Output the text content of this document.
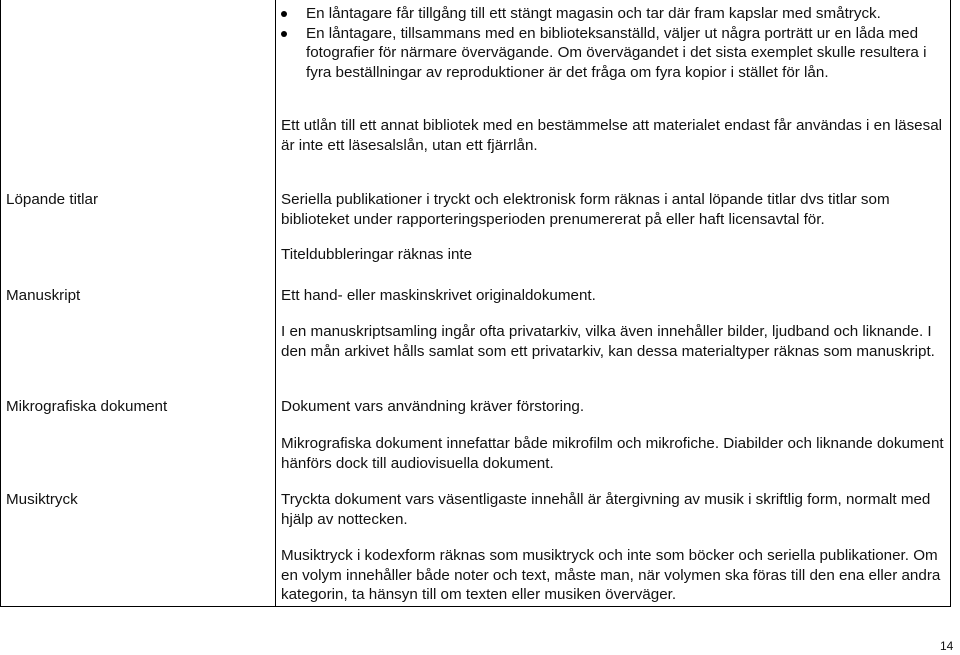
En låntagare får tillgång till ett stängt magasin och tar där fram kapslar med småtryck.
En låntagare, tillsammans med en biblioteksanställd, väljer ut några porträtt ur en låda med fotografier för närmare övervägande. Om övervägandet i det sista exemplet skulle resultera i fyra beställningar av reproduktioner är det fråga om fyra kopior i stället för lån.
Ett utlån till ett annat bibliotek med en bestämmelse att materialet endast får användas i en läsesal är inte ett läsesalslån, utan ett fjärrlån.
Löpande titlar	Seriella publikationer i tryckt och elektronisk form räknas i antal löpande titlar dvs titlar som biblioteket under rapporteringsperioden prenumererat på eller haft licensavtal för.
Titeldubbleringar räknas inte
Manuskript	Ett hand- eller maskinskrivet originaldokument.
I en manuskriptsamling ingår ofta privatarkiv, vilka även innehåller bilder, ljudband och liknande. I den mån arkivet hålls samlat som ett privatarkiv, kan dessa materialtyper räknas som manuskript.
Mikrografiska dokument	Dokument vars användning kräver förstoring.
Mikrografiska dokument innefattar både mikrofilm och mikrofiche. Diabilder och liknande dokument hänförs dock till audiovisuella dokument.
Musiktryck	Tryckta dokument vars väsentligaste innehåll är återgivning av musik i skriftlig form, normalt med hjälp av nottecken.
Musiktryck i kodexform räknas som musiktryck och inte som böcker och seriella publikationer. Om en volym innehåller både noter och text, måste man, när volymen ska föras till den ena eller andra kategorin, ta hänsyn till om texten eller musiken överväger.
14
